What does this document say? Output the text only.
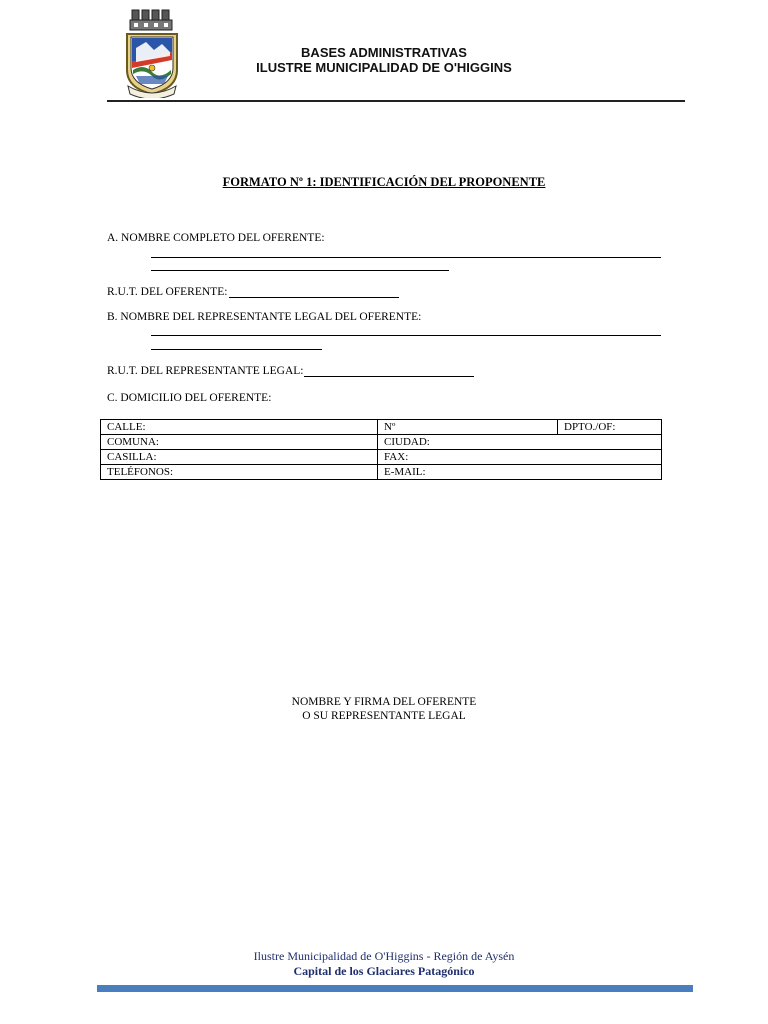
BASES ADMINISTRATIVAS
ILUSTRE MUNICIPALIDAD DE O'HIGGINS
FORMATO Nº 1: IDENTIFICACIÓN DEL PROPONENTE
A. NOMBRE COMPLETO DEL OFERENTE:
R.U.T. DEL OFERENTE:
B. NOMBRE DEL REPRESENTANTE LEGAL DEL OFERENTE:
R.U.T. DEL REPRESENTANTE LEGAL:
C. DOMICILIO DEL OFERENTE:
CALLE:	Nº	DPTO./OF:
COMUNA:	CIUDAD:	
CASILLA:	FAX:	
TELÉFONOS:	E-MAIL:	
NOMBRE Y FIRMA DEL OFERENTE
O SU REPRESENTANTE LEGAL
Ilustre Municipalidad de O'Higgins - Región de Aysén
Capital de los Glaciares Patagónico
